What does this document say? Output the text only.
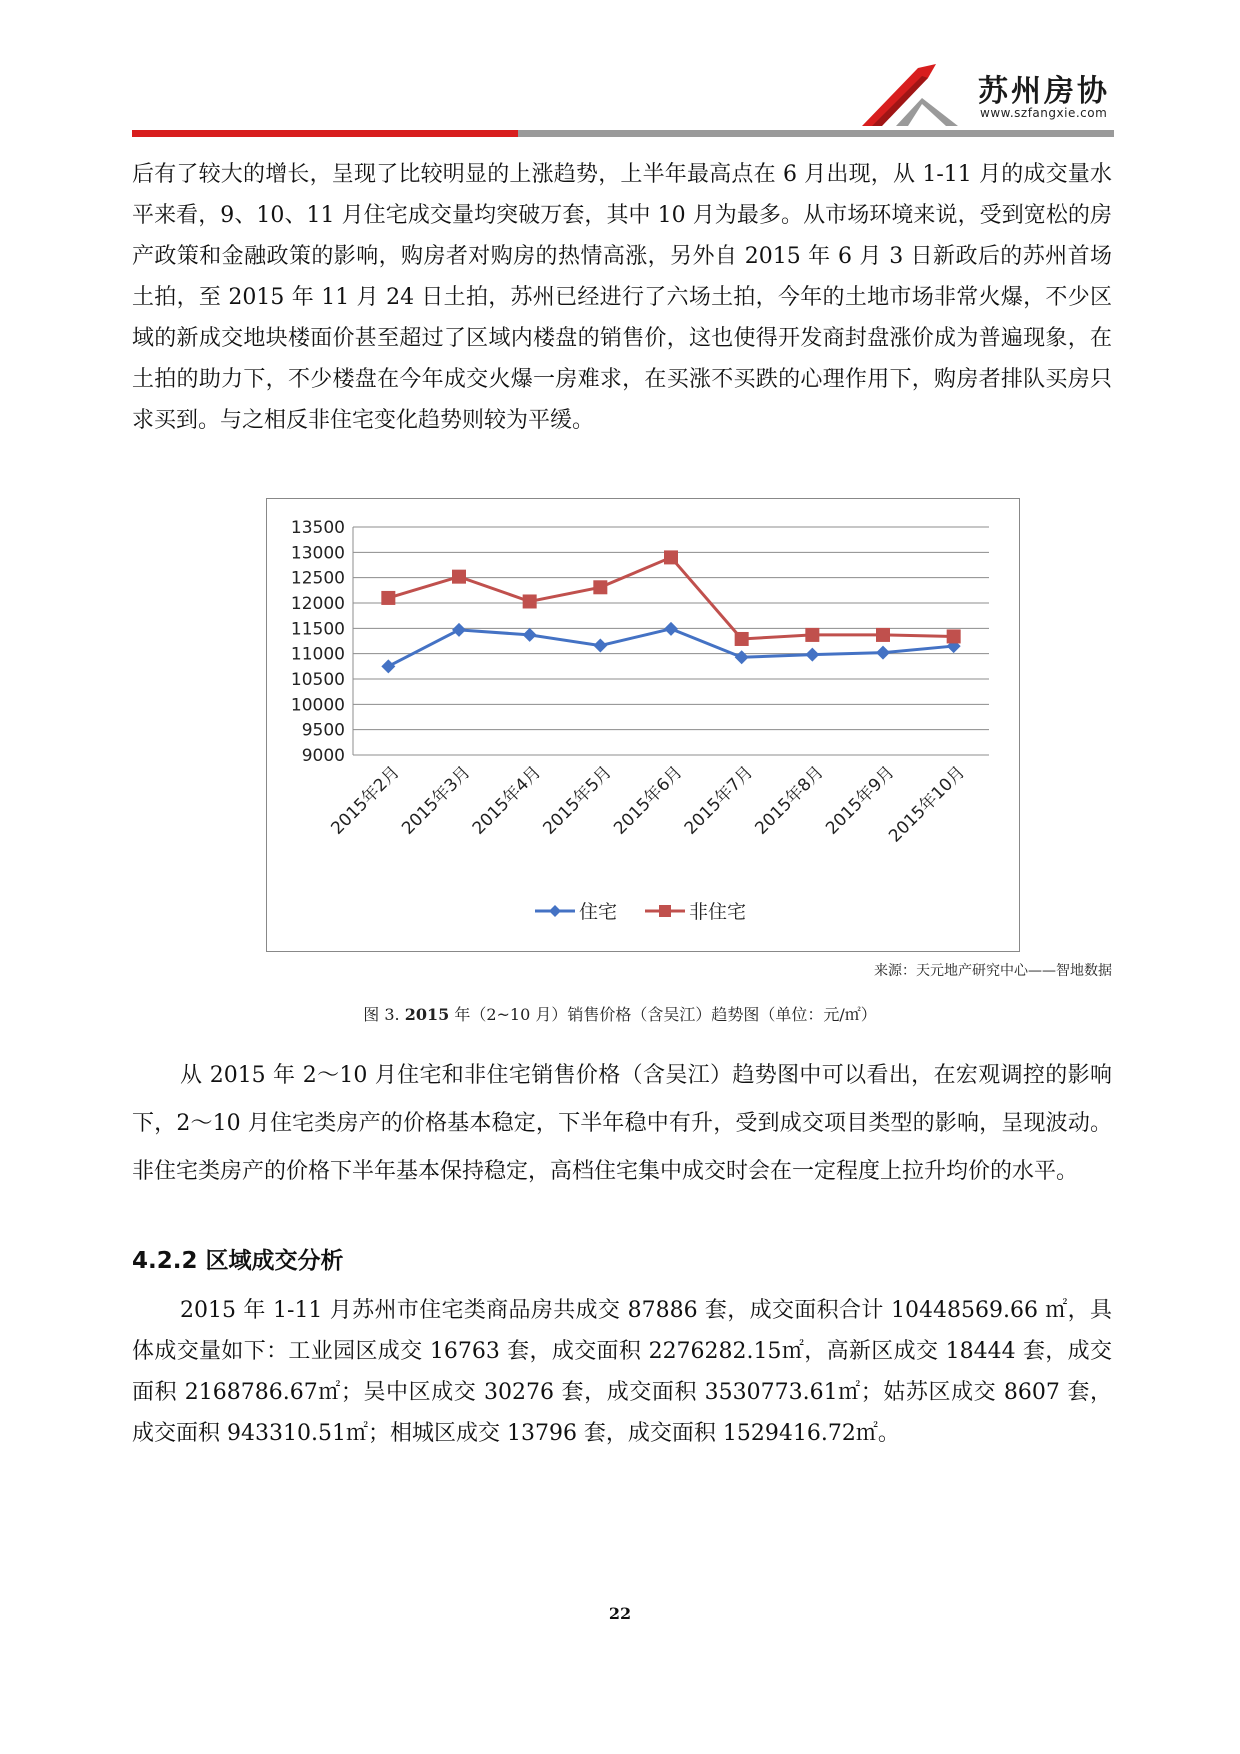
苏州房协
www.szfangxie.com

后有了较大的增长，呈现了比较明显的上涨趋势，上半年最高点在 6 月出现，从 1-11 月的成交量水平来看，9、10、11 月住宅成交量均突破万套，其中 10 月为最多。从市场环境来说，受到宽松的房产政策和金融政策的影响，购房者对购房的热情高涨，另外自 2015 年 6 月 3 日新政后的苏州首场土拍，至 2015 年 11 月 24 日土拍，苏州已经进行了六场土拍，今年的土地市场非常火爆，不少区域的新成交地块楼面价甚至超过了区域内楼盘的销售价，这也使得开发商封盘涨价成为普遍现象，在土拍的助力下，不少楼盘在今年成交火爆一房难求，在买涨不买跌的心理作用下，购房者排队买房只求买到。与之相反非住宅变化趋势则较为平缓。

9000
9500
10000
10500
11000
11500
12000
12500
13000
13500
2015年2月
2015年3月
2015年4月
2015年5月
2015年6月
2015年7月
2015年8月
2015年9月
2015年10月
住宅	非住宅
来源：天元地产研究中心——智地数据
图 3. 2015 年（2~10 月）销售价格（含吴江）趋势图（单位：元/㎡）

从 2015 年 2～10 月住宅和非住宅销售价格（含吴江）趋势图中可以看出，在宏观调控的影响下，2～10 月住宅类房产的价格基本稳定，下半年稳中有升，受到成交项目类型的影响，呈现波动。非住宅类房产的价格下半年基本保持稳定，高档住宅集中成交时会在一定程度上拉升均价的水平。

4.2.2 区域成交分析

2015 年 1-11 月苏州市住宅类商品房共成交 87886 套，成交面积合计 10448569.66 ㎡，具体成交量如下：工业园区成交 16763 套，成交面积 2276282.15㎡，高新区成交 18444 套，成交面积 2168786.67㎡；吴中区成交 30276 套，成交面积 3530773.61㎡；姑苏区成交 8607 套，成交面积 943310.51㎡；相城区成交 13796 套，成交面积 1529416.72㎡。

22
